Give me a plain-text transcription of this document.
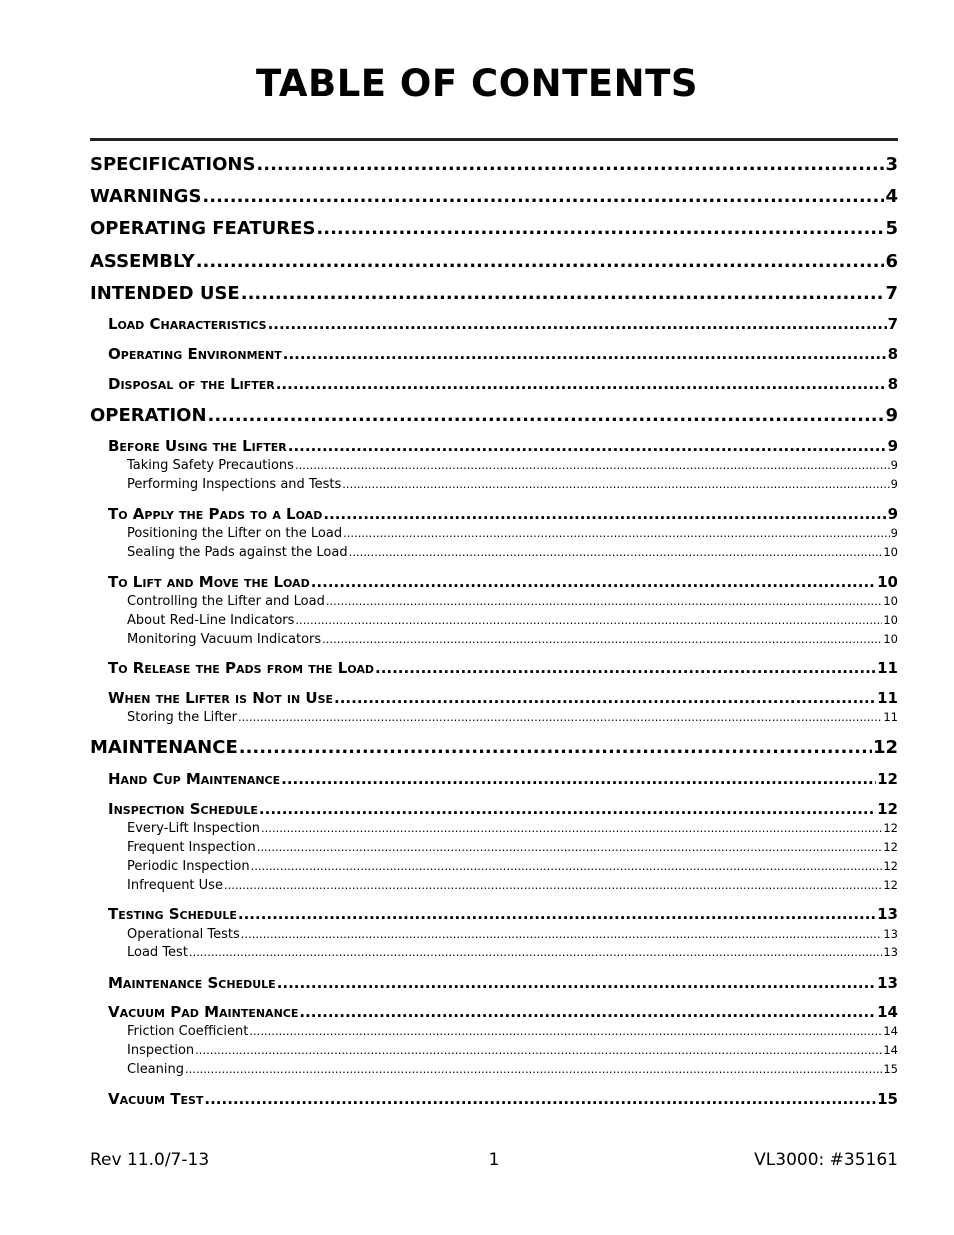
TABLE OF CONTENTS
SPECIFICATIONS .....	3
WARNINGS .....	4
OPERATING FEATURES .....	5
ASSEMBLY .....	6
INTENDED USE .....	7
Load Characteristics .....	7
Operating Environment .....	8
Disposal of the Lifter .....	8
OPERATION .....	9
Before Using the Lifter .....	9
Taking Safety Precautions .....	9
Performing Inspections and Tests .....	9
To Apply the Pads to a Load .....	9
Positioning the Lifter on the Load .....	9
Sealing the Pads against the Load .....	10
To Lift and Move the Load .....	10
Controlling the Lifter and Load .....	10
About Red-Line Indicators .....	10
Monitoring Vacuum Indicators .....	10
To Release the Pads from the Load .....	11
When the Lifter is Not in Use .....	11
Storing the Lifter .....	11
MAINTENANCE .....	12
Hand Cup Maintenance .....	12
Inspection Schedule .....	12
Every-Lift Inspection .....	12
Frequent Inspection .....	12
Periodic Inspection .....	12
Infrequent Use .....	12
Testing Schedule .....	13
Operational Tests .....	13
Load Test .....	13
Maintenance Schedule .....	13
Vacuum Pad Maintenance .....	14
Friction Coefficient .....	14
Inspection .....	14
Cleaning .....	15
Vacuum Test .....	15
Rev 11.0/7-13	1	VL3000: #35161
